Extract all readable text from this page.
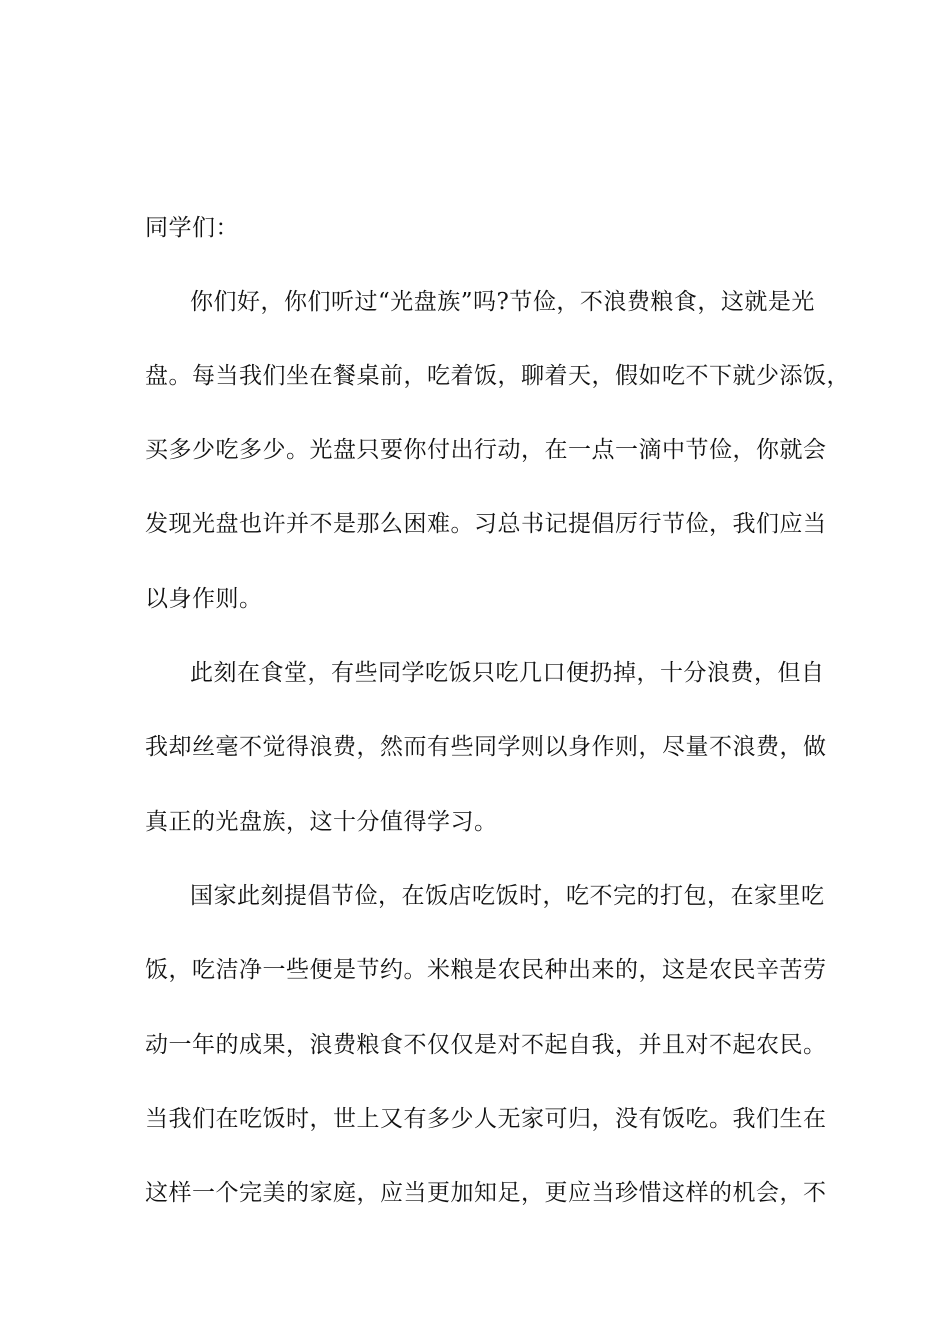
同学们：
你们好，你们听过“光盘族”吗?节俭，不浪费粮食，这就是光
盘。每当我们坐在餐桌前，吃着饭，聊着天，假如吃不下就少添饭，
买多少吃多少。光盘只要你付出行动，在一点一滴中节俭，你就会
发现光盘也许并不是那么困难。习总书记提倡厉行节俭，我们应当
以身作则。
此刻在食堂，有些同学吃饭只吃几口便扔掉，十分浪费，但自
我却丝毫不觉得浪费，然而有些同学则以身作则，尽量不浪费，做
真正的光盘族，这十分值得学习。
国家此刻提倡节俭，在饭店吃饭时，吃不完的打包，在家里吃
饭，吃洁净一些便是节约。米粮是农民种出来的，这是农民辛苦劳
动一年的成果，浪费粮食不仅仅是对不起自我，并且对不起农民。
当我们在吃饭时，世上又有多少人无家可归，没有饭吃。我们生在
这样一个完美的家庭，应当更加知足，更应当珍惜这样的机会，不
